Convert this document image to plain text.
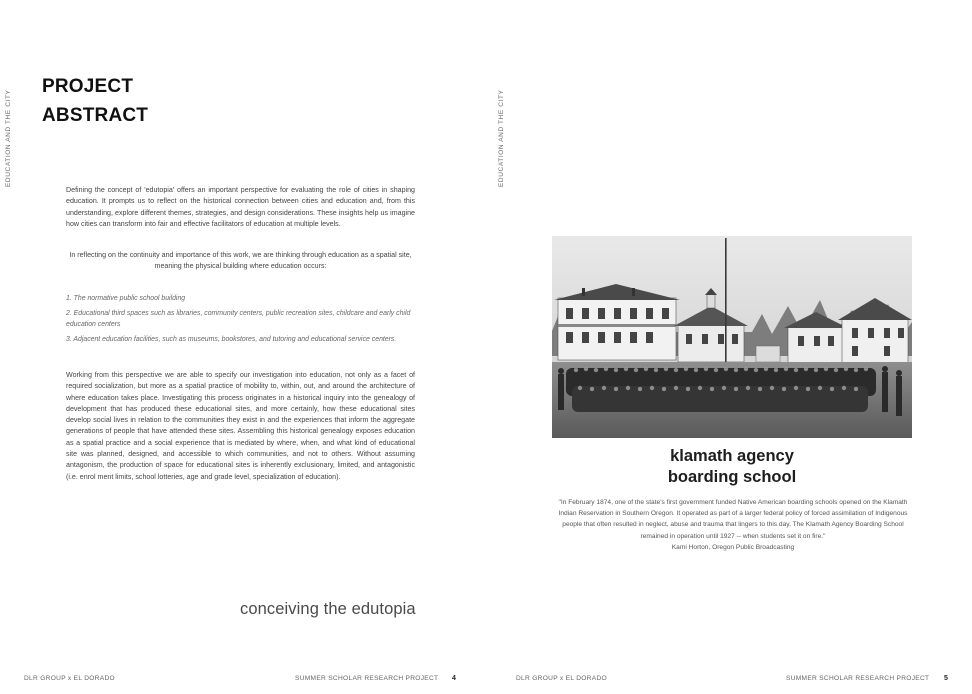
EDUCATION AND THE CITY
PROJECT
ABSTRACT
Defining the concept of 'edutopia' offers an important perspective for evaluating the role of cities in shaping education. It prompts us to reflect on the historical connection between cities and education and, from this understanding, explore different themes, strategies, and design considerations. These insights help us imagine how cities can transform into fair and effective facilitators of education at multiple levels.
In reflecting on the continuity and importance of this work, we are thinking through education as a spatial site, meaning the physical building where education occurs:
1. The normative public school building
2. Educational third spaces such as libraries, community centers, public recreation sites, childcare and early child education centers
3. Adjacent education facilities, such as museums, bookstores, and tutoring and educational service centers.
Working from this perspective we are able to specify our investigation into education, not only as a facet of required socialization, but more as a spatial practice of mobility to, within, out, and around the architecture of where education takes place. Investigating this process originates in a historical inquiry into the genealogy of development that has produced these educational sites, and more certainly, how these educational sites develop social lives in relation to the communities they exist in and the experiences that inform the aggregate generations of people that have attended these sites. Assembling this historical genealogy exposes education as a spatial practice and a social experience that is mediated by where, when, and what kind of educational site was planned, designed, and accessible to which communities, and not to others. Without assuming antagonism, the production of space for educational sites is inherently exclusionary, limited, and antagonistic (i.e. enrol ment limits, school lotteries, age and grade level, specialization of education).
conceiving the edutopia
DLR GROUP x EL DORADO	SUMMER SCHOLAR RESEARCH PROJECT 4
EDUCATION AND THE CITY
klamath agency
boarding school
"In February 1874, one of the state's first government funded Native American boarding schools opened on the Klamath Indian Reservation in Southern Oregon. It operated as part of a larger federal policy of forced assimilation of Indigenous people that often resulted in neglect, abuse and trauma that lingers to this day. The Klamath Agency Boarding School remained in operation until 1927 -- when students set it on fire."
Kami Horton, Oregon Public Broadcasting
DLR GROUP x EL DORADO	SUMMER SCHOLAR RESEARCH PROJECT 5
